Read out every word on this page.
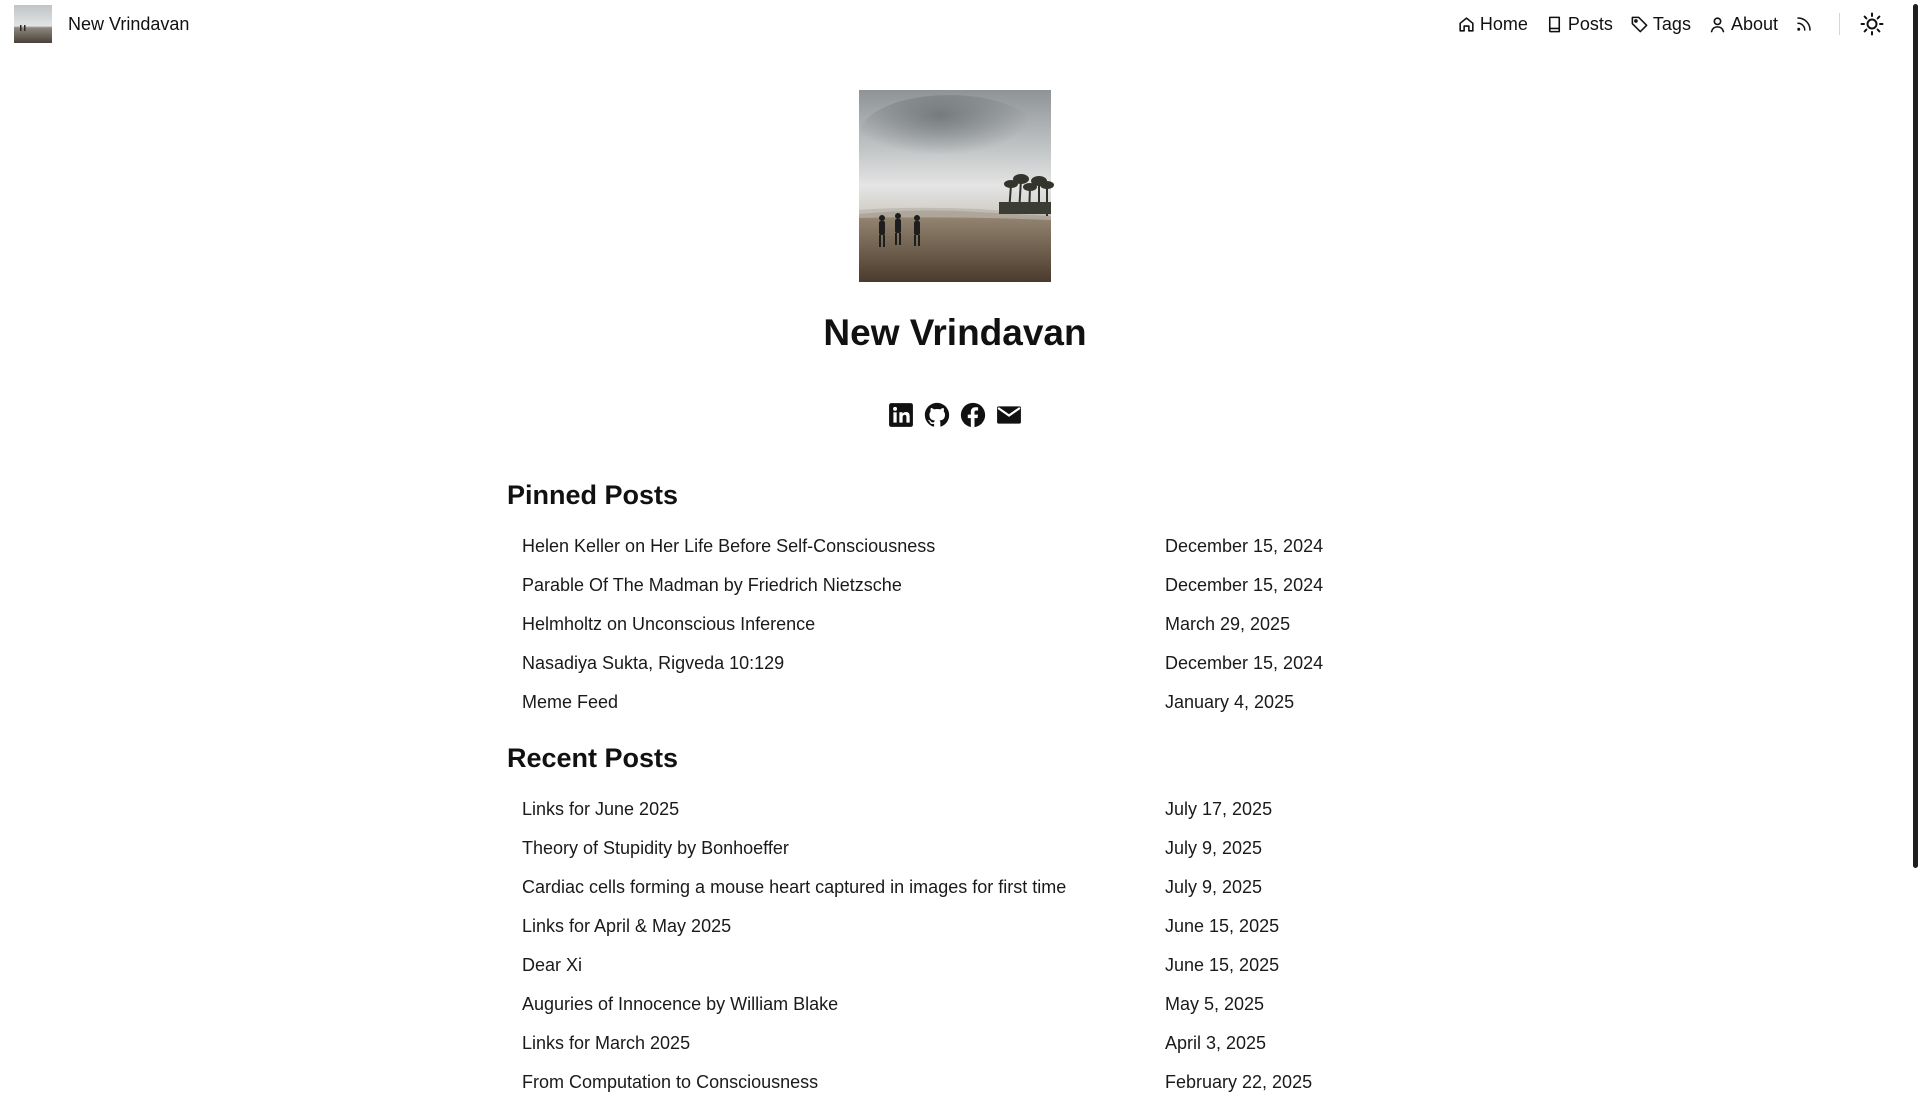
New Vrindavan	Home Posts Tags About
New Vrindavan
Pinned Posts
Helen Keller on Her Life Before Self-Consciousness	December 15, 2024
Parable Of The Madman by Friedrich Nietzsche	December 15, 2024
Helmholtz on Unconscious Inference	March 29, 2025
Nasadiya Sukta, Rigveda 10:129	December 15, 2024
Meme Feed	January 4, 2025
Recent Posts
Links for June 2025	July 17, 2025
Theory of Stupidity by Bonhoeffer	July 9, 2025
Cardiac cells forming a mouse heart captured in images for first time	July 9, 2025
Links for April & May 2025	June 15, 2025
Dear Xi	June 15, 2025
Auguries of Innocence by William Blake	May 5, 2025
Links for March 2025	April 3, 2025
From Computation to Consciousness	February 22, 2025
